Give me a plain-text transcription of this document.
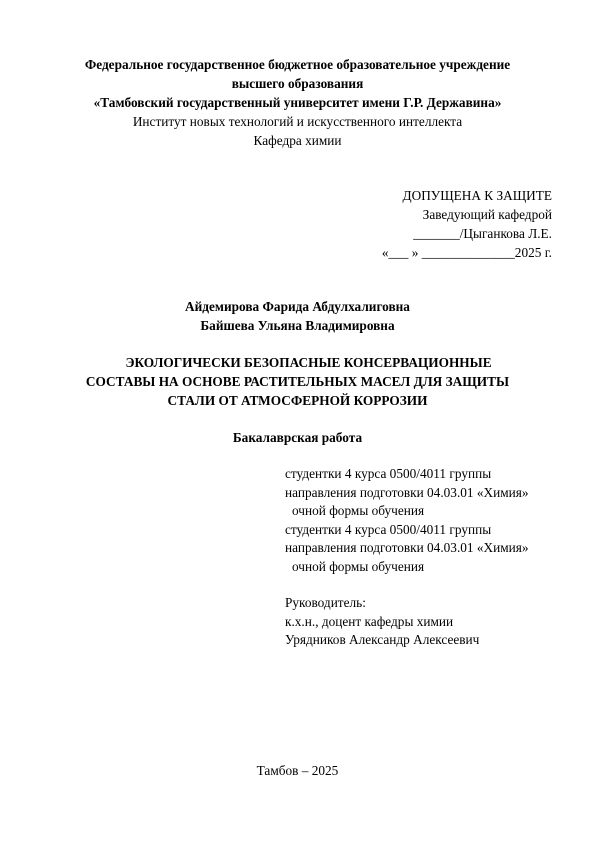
Федеральное государственное бюджетное образовательное учреждение
высшего образования
«Тамбовский государственный университет имени Г.Р. Державина»
Институт новых технологий и искусственного интеллекта
Кафедра химии
ДОПУЩЕНА К ЗАЩИТЕ
Заведующий кафедрой
_______/Цыганкова Л.Е.
«___ » ______________2025 г.
Айдемирова Фарида Абдулхалиговна
Байшева Ульяна Владимировна
ЭКОЛОГИЧЕСКИ БЕЗОПАСНЫЕ КОНСЕРВАЦИОННЫЕ
СОСТАВЫ НА ОСНОВЕ РАСТИТЕЛЬНЫХ МАСЕЛ ДЛЯ ЗАЩИТЫ
СТАЛИ ОТ АТМОСФЕРНОЙ КОРРОЗИИ
Бакалаврская работа
студентки 4 курса 0500/4011 группы
направления подготовки 04.03.01 «Химия»
очной формы обучения
студентки 4 курса 0500/4011 группы
направления подготовки 04.03.01 «Химия»
очной формы обучения
Руководитель:
к.х.н., доцент кафедры химии
Урядников Александр Алексеевич
Тамбов – 2025
